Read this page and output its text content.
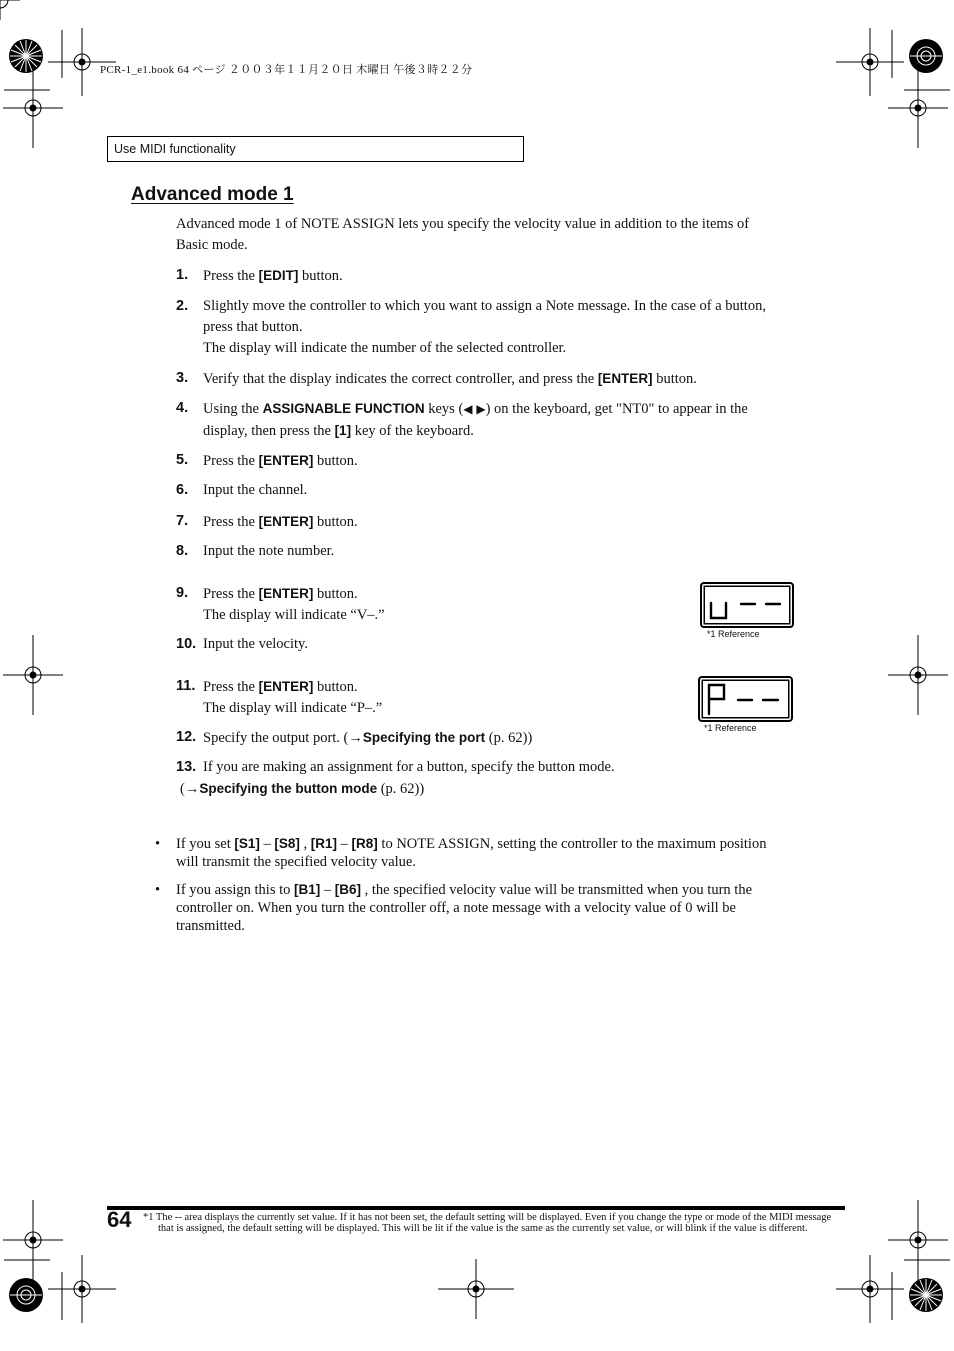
PCR-1_e1.book 64 ページ ２００３年１１月２０日 木曜日 午後３時２２分
Use MIDI functionality
Advanced mode 1
Advanced mode 1 of NOTE ASSIGN lets you specify the velocity value in addition to the items of Basic mode.
1. Press the [EDIT] button.
2. Slightly move the controller to which you want to assign a Note message. In the case of a button, press that button.
The display will indicate the number of the selected controller.
3. Verify that the display indicates the correct controller, and press the [ENTER] button.
4. Using the ASSIGNABLE FUNCTION keys (◀ ▶) on the keyboard, get "NT0" to appear in the display, then press the [1] key of the keyboard.
5. Press the [ENTER] button.
6. Input the channel.
7. Press the [ENTER] button.
8. Input the note number.
9. Press the [ENTER] button.
The display will indicate “V–.”
10. Input the velocity.
11. Press the [ENTER] button.
The display will indicate “P–.”
12. Specify the output port. (→Specifying the port (p. 62))
13. If you are making an assignment for a button, specify the button mode.
(→Specifying the button mode (p. 62))
*1 Reference
*1 Reference
• If you set [S1] – [S8] , [R1] – [R8] to NOTE ASSIGN, setting the controller to the maximum position will transmit the specified velocity value.
• If you assign this to [B1] – [B6] , the specified velocity value will be transmitted when you turn the controller on. When you turn the controller off, a note message with a velocity value of 0 will be transmitted.
64 *1 The -- area displays the currently set value. If it has not been set, the default setting will be displayed. Even if you change the type or mode of the MIDI message that is assigned, the default setting will be displayed. This will be lit if the value is the same as the currently set value, or will blink if the value is different.
